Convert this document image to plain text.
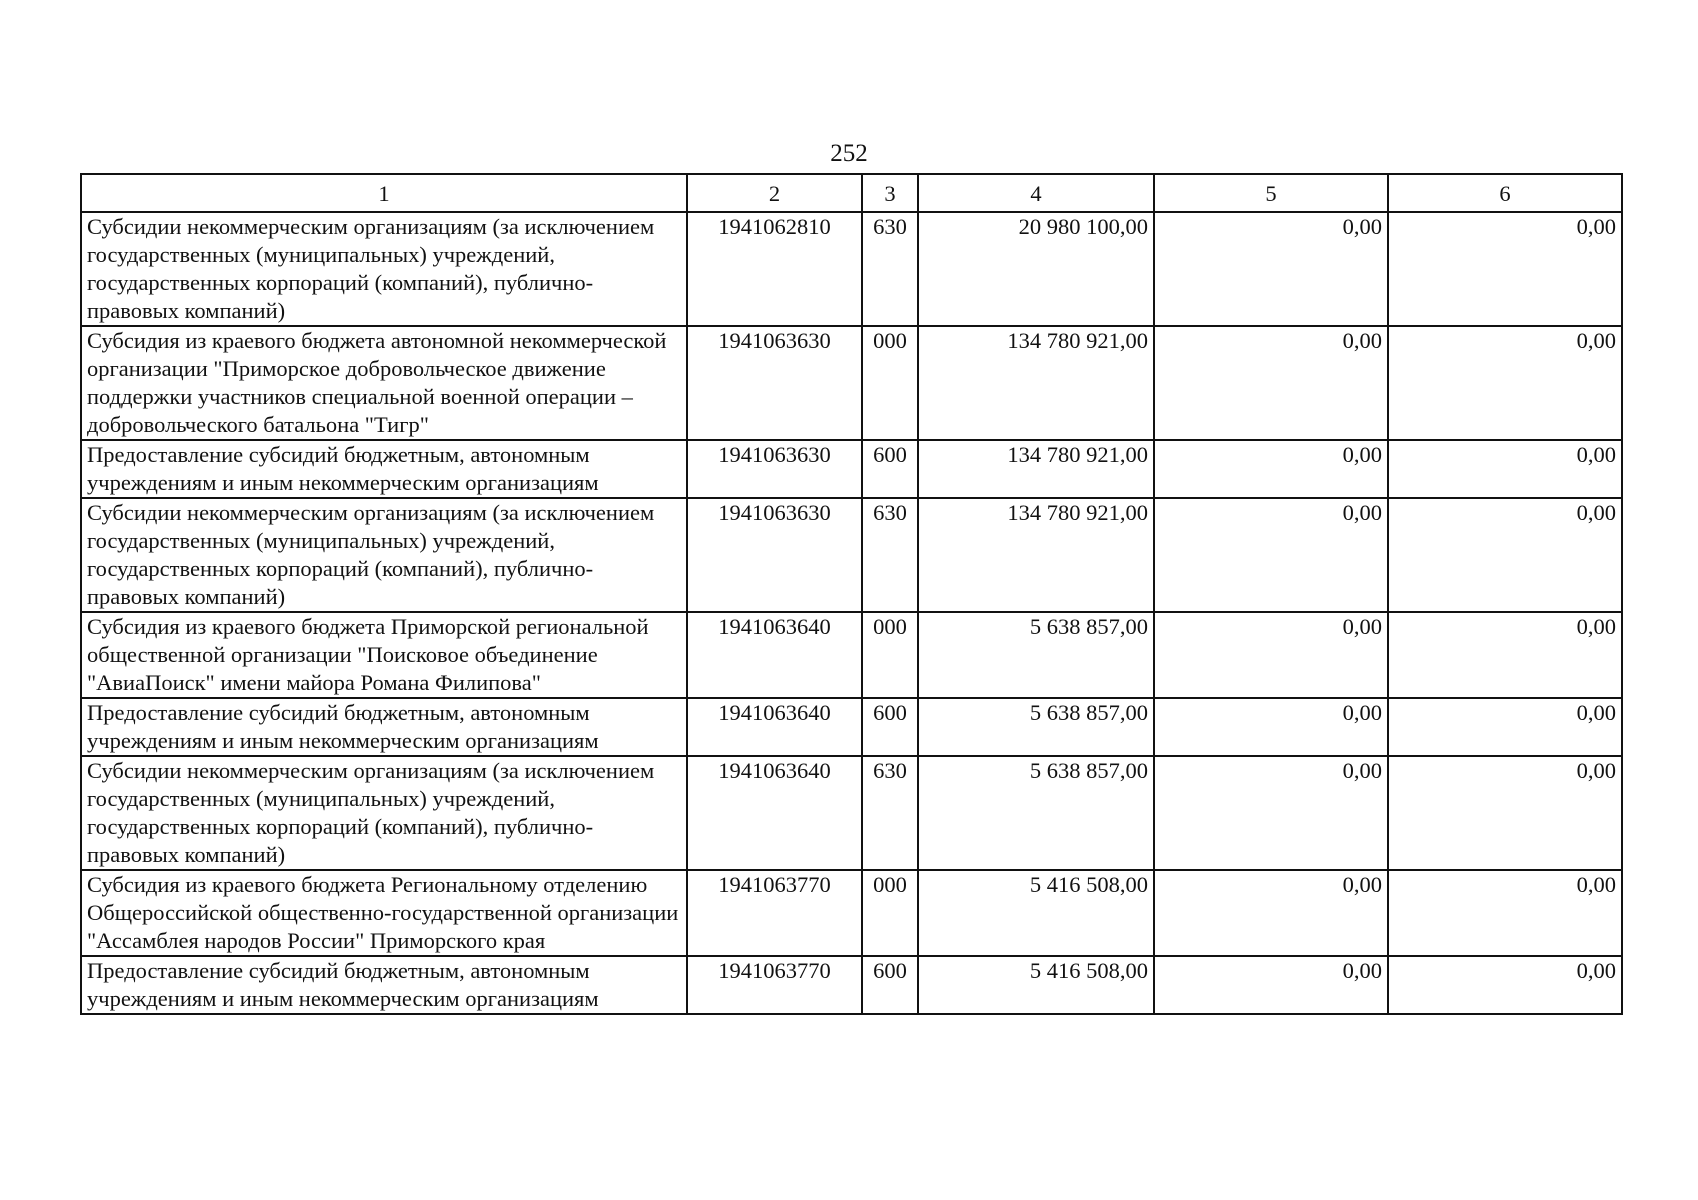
252
1	2	3	4	5	6
Субсидии некоммерческим организациям (за исключением государственных (муниципальных) учреждений, государственных корпораций (компаний), публично-правовых компаний)	1941062810	630	20 980 100,00	0,00	0,00
Субсидия из краевого бюджета автономной некоммерческой организации "Приморское добровольческое движение поддержки участников специальной военной операции – добровольческого батальона "Тигр"	1941063630	000	134 780 921,00	0,00	0,00
Предоставление субсидий бюджетным, автономным учреждениям и иным некоммерческим организациям	1941063630	600	134 780 921,00	0,00	0,00
Субсидии некоммерческим организациям (за исключением государственных (муниципальных) учреждений, государственных корпораций (компаний), публично-правовых компаний)	1941063630	630	134 780 921,00	0,00	0,00
Субсидия из краевого бюджета Приморской региональной общественной организации "Поисковое объединение "АвиаПоиск" имени майора Романа Филипова"	1941063640	000	5 638 857,00	0,00	0,00
Предоставление субсидий бюджетным, автономным учреждениям и иным некоммерческим организациям	1941063640	600	5 638 857,00	0,00	0,00
Субсидии некоммерческим организациям (за исключением государственных (муниципальных) учреждений, государственных корпораций (компаний), публично-правовых компаний)	1941063640	630	5 638 857,00	0,00	0,00
Субсидия из краевого бюджета Региональному отделению Общероссийской общественно-государственной организации "Ассамблея народов России" Приморского края	1941063770	000	5 416 508,00	0,00	0,00
Предоставление субсидий бюджетным, автономным учреждениям и иным некоммерческим организациям	1941063770	600	5 416 508,00	0,00	0,00
